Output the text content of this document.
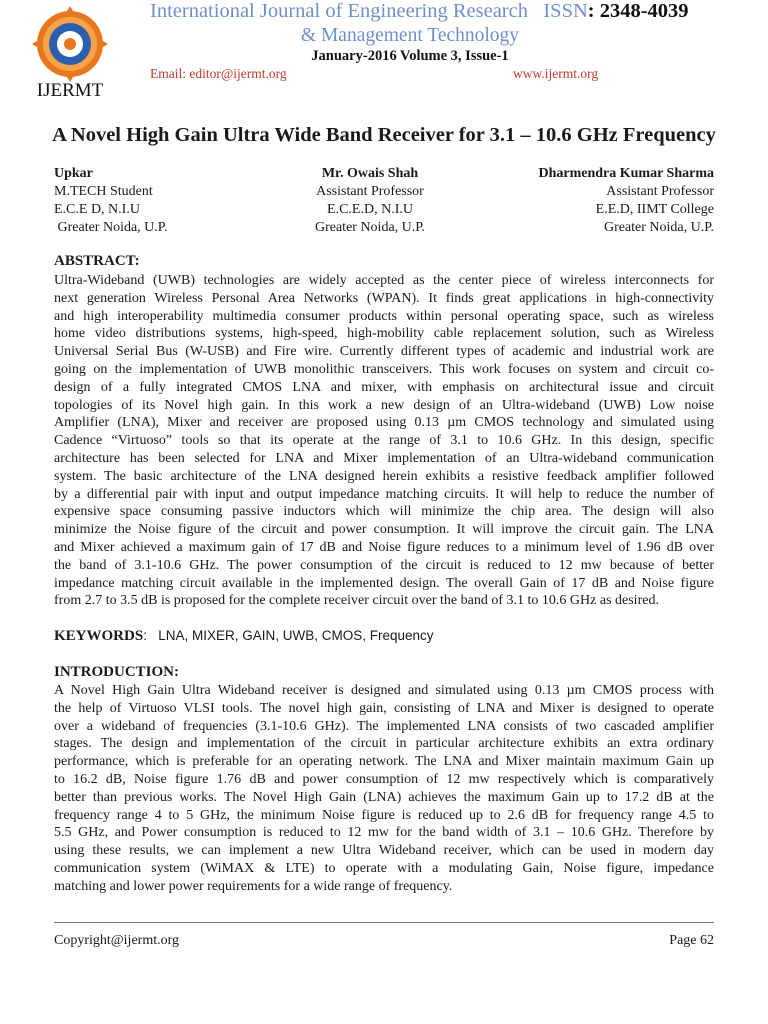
IJERMT
International Journal of Engineering Research ISSN: 2348-4039
& Management Technology
January-2016 Volume 3, Issue-1
Email: editor@ijermt.org	www.ijermt.org
A Novel High Gain Ultra Wide Band Receiver for 3.1 – 10.6 GHz Frequency
Upkar
M.TECH Student
E.C.E D, N.I.U
Greater Noida, U.P.
Mr. Owais Shah
Assistant Professor
E.C.E.D, N.I.U
Greater Noida, U.P.
Dharmendra Kumar Sharma
Assistant Professor
E.E.D, IIMT College
Greater Noida, U.P.
ABSTRACT:
Ultra-Wideband (UWB) technologies are widely accepted as the center piece of wireless interconnects for
next generation Wireless Personal Area Networks (WPAN). It finds great applications in high-connectivity
and high interoperability multimedia consumer products within personal operating space, such as wireless
home video distributions systems, high-speed, high-mobility cable replacement solution, such as Wireless
Universal Serial Bus (W-USB) and Fire wire. Currently different types of academic and industrial work are
going on the implementation of UWB monolithic transceivers. This work focuses on system and circuit co-
design of a fully integrated CMOS LNA and mixer, with emphasis on architectural issue and circuit
topologies of its Novel high gain. In this work a new design of an Ultra-wideband (UWB) Low noise
Amplifier (LNA), Mixer and receiver are proposed using 0.13 µm CMOS technology and simulated using
Cadence “Virtuoso” tools so that its operate at the range of 3.1 to 10.6 GHz. In this design, specific
architecture has been selected for LNA and Mixer implementation of an Ultra-wideband communication
system. The basic architecture of the LNA designed herein exhibits a resistive feedback amplifier followed
by a differential pair with input and output impedance matching circuits. It will help to reduce the number of
expensive space consuming passive inductors which will minimize the chip area. The design will also
minimize the Noise figure of the circuit and power consumption. It will improve the circuit gain. The LNA
and Mixer achieved a maximum gain of 17 dB and Noise figure reduces to a minimum level of 1.96 dB over
the band of 3.1-10.6 GHz. The power consumption of the circuit is reduced to 12 mw because of better
impedance matching circuit available in the implemented design. The overall Gain of 17 dB and Noise figure
from 2.7 to 3.5 dB is proposed for the complete receiver circuit over the band of 3.1 to 10.6 GHz as desired.
KEYWORDS:   LNA, MIXER, GAIN, UWB, CMOS, Frequency
INTRODUCTION:
A Novel High Gain Ultra Wideband receiver is designed and simulated using 0.13 µm CMOS process with
the help of Virtuoso VLSI tools. The novel high gain, consisting of LNA and Mixer is designed to operate
over a wideband of frequencies (3.1-10.6 GHz). The implemented LNA consists of two cascaded amplifier
stages. The design and implementation of the circuit in particular architecture exhibits an extra ordinary
performance, which is preferable for an operating network. The LNA and Mixer maintain maximum Gain up
to 16.2 dB, Noise figure 1.76 dB and power consumption of 12 mw respectively which is comparatively
better than previous works. The Novel High Gain (LNA) achieves the maximum Gain up to 17.2 dB at the
frequency range 4 to 5 GHz, the minimum Noise figure is reduced up to 2.6 dB for frequency range 4.5 to
5.5 GHz, and Power consumption is reduced to 12 mw for the band width of 3.1 – 10.6 GHz. Therefore by
using these results, we can implement a new Ultra Wideband receiver, which can be used in modern day
communication system (WiMAX & LTE) to operate with a modulating Gain, Noise figure, impedance
matching and lower power requirements for a wide range of frequency.
Copyright@ijermt.org	Page 62
